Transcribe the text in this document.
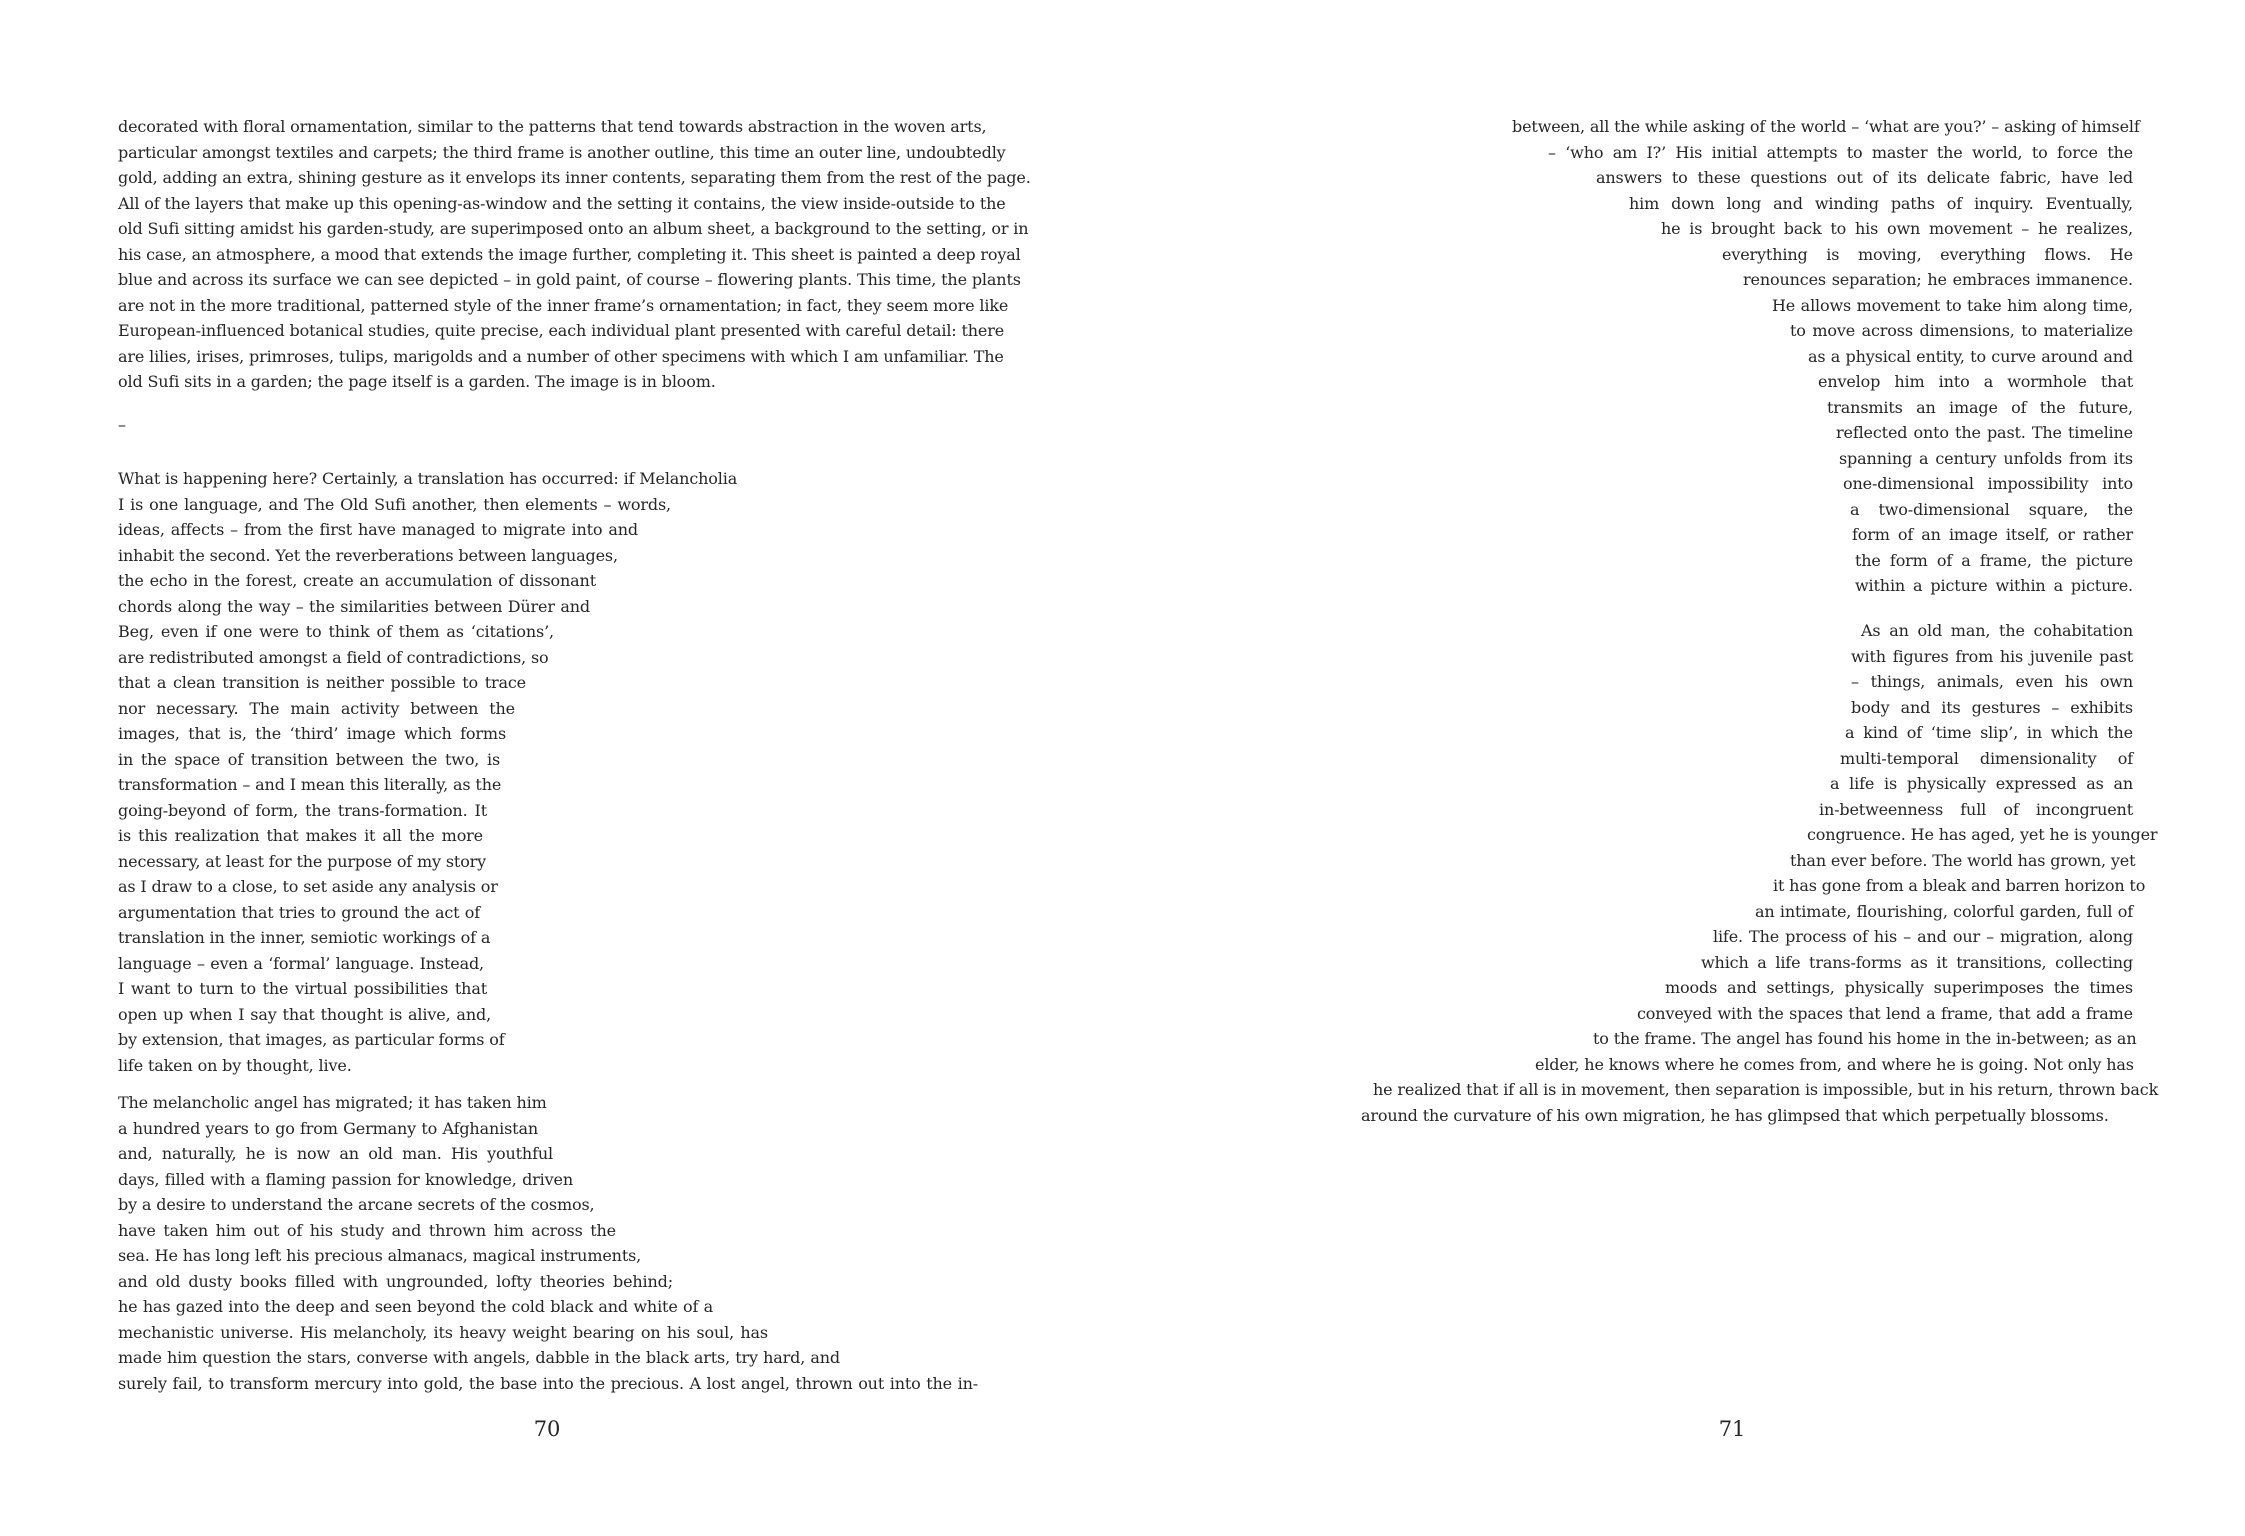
decorated with floral ornamentation, similar to the patterns that tend towards abstraction in the woven arts,
particular amongst textiles and carpets; the third frame is another outline, this time an outer line, undoubtedly
gold, adding an extra, shining gesture as it envelops its inner contents, separating them from the rest of the page.
All of the layers that make up this opening-as-window and the setting it contains, the view inside-outside to the
old Sufi sitting amidst his garden-study, are superimposed onto an album sheet, a background to the setting, or in
his case, an atmosphere, a mood that extends the image further, completing it. This sheet is painted a deep royal
blue and across its surface we can see depicted – in gold paint, of course – flowering plants. This time, the plants
are not in the more traditional, patterned style of the inner frame’s ornamentation; in fact, they seem more like
European-influenced botanical studies, quite precise, each individual plant presented with careful detail: there
are lilies, irises, primroses, tulips, marigolds and a number of other specimens with which I am unfamiliar. The
old Sufi sits in a garden; the page itself is a garden. The image is in bloom.
–
What is happening here? Certainly, a translation has occurred: if Melancholia
I is one language, and The Old Sufi another, then elements – words,
ideas, affects – from the first have managed to migrate into and
inhabit the second. Yet the reverberations between languages,
the echo in the forest, create an accumulation of dissonant
chords along the way – the similarities between Dürer and
Beg, even if one were to think of them as ‘citations’,
are redistributed amongst a field of contradictions, so
that a clean transition is neither possible to trace
nor necessary. The main activity between the
images, that is, the ‘third’ image which forms
in the space of transition between the two, is
transformation – and I mean this literally, as the
going-beyond of form, the trans-formation. It
is this realization that makes it all the more
necessary, at least for the purpose of my story
as I draw to a close, to set aside any analysis or
argumentation that tries to ground the act of
translation in the inner, semiotic workings of a
language – even a ‘formal’ language. Instead,
I want to turn to the virtual possibilities that
open up when I say that thought is alive, and,
by extension, that images, as particular forms of
life taken on by thought, live.
The melancholic angel has migrated; it has taken him
a hundred years to go from Germany to Afghanistan
and, naturally, he is now an old man. His youthful
days, filled with a flaming passion for knowledge, driven
by a desire to understand the arcane secrets of the cosmos,
have taken him out of his study and thrown him across the
sea. He has long left his precious almanacs, magical instruments,
and old dusty books filled with ungrounded, lofty theories behind;
he has gazed into the deep and seen beyond the cold black and white of a
mechanistic universe. His melancholy, its heavy weight bearing on his soul, has
made him question the stars, converse with angels, dabble in the black arts, try hard, and
surely fail, to transform mercury into gold, the base into the precious. A lost angel, thrown out into the in-
70
between, all the while asking of the world – ‘what are you?’ – asking of himself
– ‘who am I?’ His initial attempts to master the world, to force the
answers to these questions out of its delicate fabric, have led
him down long and winding paths of inquiry. Eventually,
he is brought back to his own movement – he realizes,
everything is moving, everything flows. He
renounces separation; he embraces immanence.
He allows movement to take him along time,
to move across dimensions, to materialize
as a physical entity, to curve around and
envelop him into a wormhole that
transmits an image of the future,
reflected onto the past. The timeline
spanning a century unfolds from its
one-dimensional impossibility into
a two-dimensional square, the
form of an image itself, or rather
the form of a frame, the picture
within a picture within a picture.
As an old man, the cohabitation
with figures from his juvenile past
– things, animals, even his own
body and its gestures – exhibits
a kind of ‘time slip’, in which the
multi-temporal dimensionality of
a life is physically expressed as an
in-betweenness full of incongruent
congruence. He has aged, yet he is younger
than ever before. The world has grown, yet
it has gone from a bleak and barren horizon to
an intimate, flourishing, colorful garden, full of
life. The process of his – and our – migration, along
which a life trans-forms as it transitions, collecting
moods and settings, physically superimposes the times
conveyed with the spaces that lend a frame, that add a frame
to the frame. The angel has found his home in the in-between; as an
elder, he knows where he comes from, and where he is going. Not only has
he realized that if all is in movement, then separation is impossible, but in his return, thrown back
around the curvature of his own migration, he has glimpsed that which perpetually blossoms.
71
